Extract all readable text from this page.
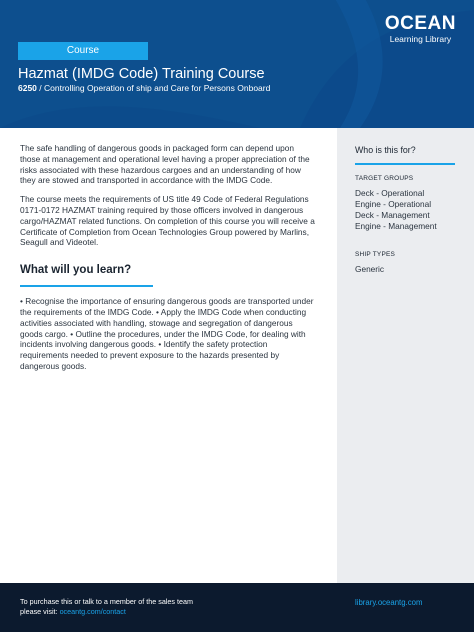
Course
Hazmat (IMDG Code) Training Course
6250 / Controlling Operation of ship and Care for Persons Onboard
OCEAN
Learning Library

The safe handling of dangerous goods in packaged form can depend upon those at management and operational level having a proper appreciation of the risks associated with these hazardous cargoes and an understanding of how they are stowed and transported in accordance with the IMDG Code.

The course meets the requirements of US title 49 Code of Federal Regulations 0171-0172 HAZMAT training required by those officers involved in dangerous cargo/HAZMAT related functions. On completion of this course you will receive a Certificate of Completion from Ocean Technologies Group powered by Marlins, Seagull and Videotel.

What will you learn?

• Recognise the importance of ensuring dangerous goods are transported under the requirements of the IMDG Code. • Apply the IMDG Code when conducting activities associated with handling, stowage and segregation of dangerous goods cargo. • Outline the procedures, under the IMDG Code, for dealing with incidents involving dangerous goods. • Identify the safety protection requirements needed to prevent exposure to the hazards presented by dangerous goods.

Who is this for?
TARGET GROUPS
Deck - Operational
Engine - Operational
Deck - Management
Engine - Management
SHIP TYPES
Generic
To purchase this or talk to a member of the sales team
please visit: oceantg.com/contact
library.oceantg.com
